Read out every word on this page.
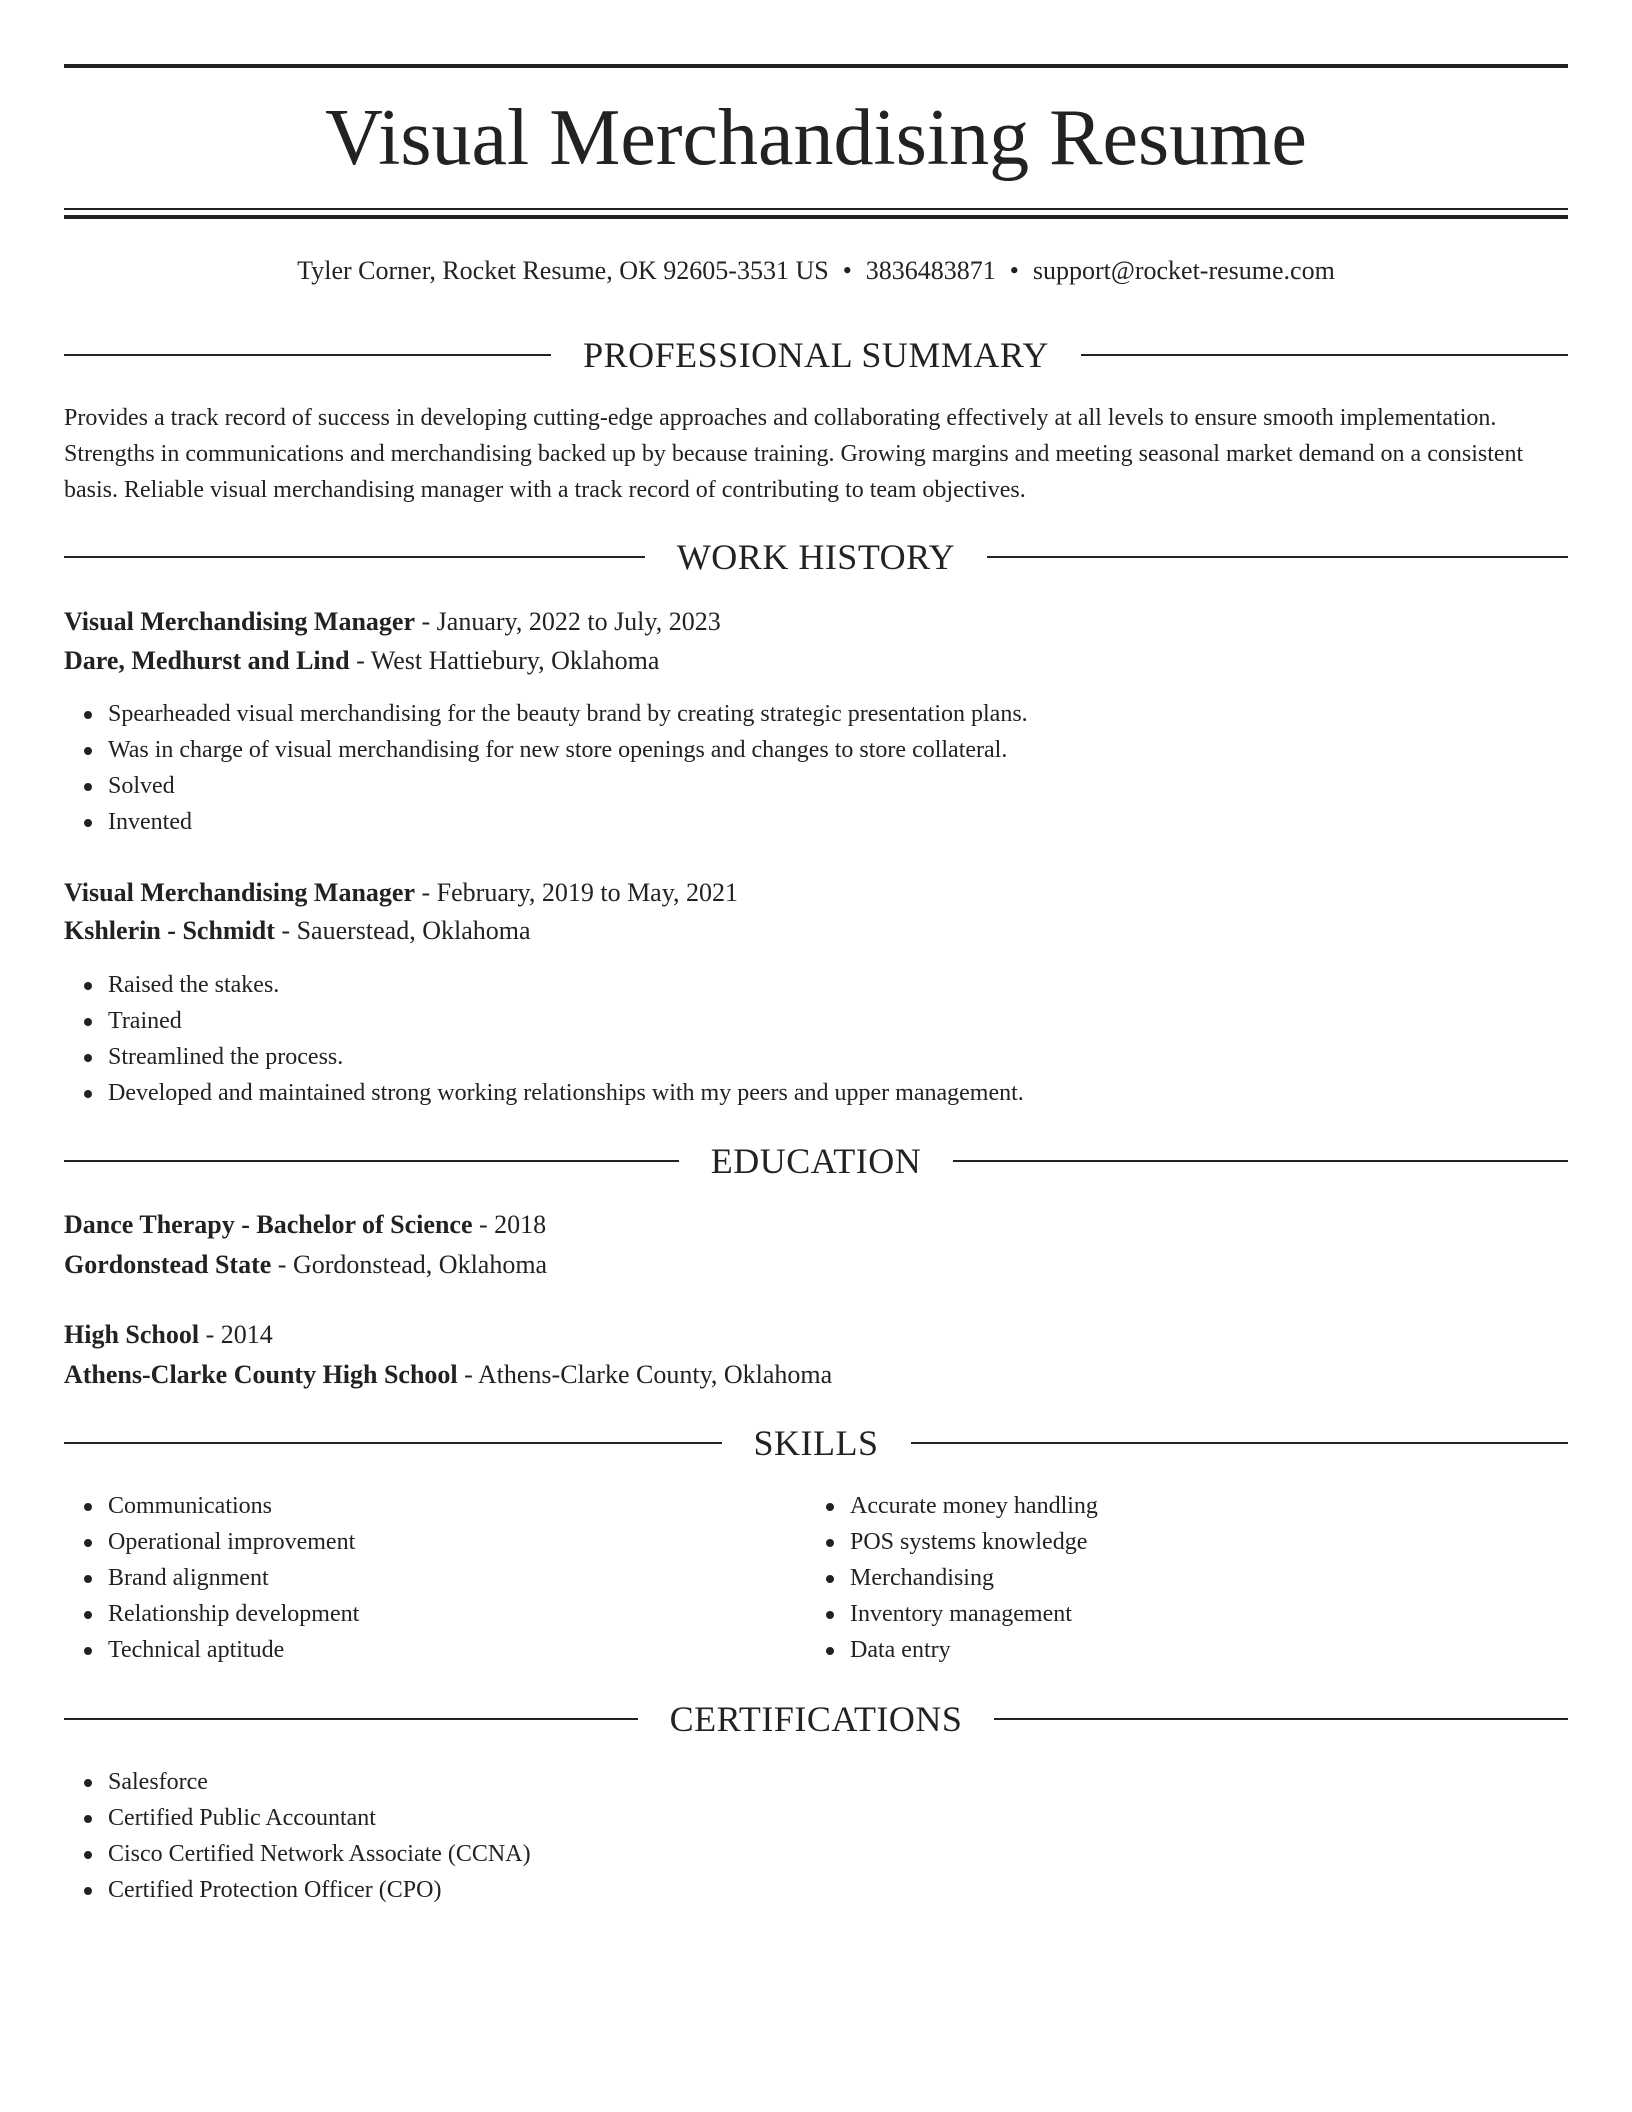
Visual Merchandising Resume
Tyler Corner, Rocket Resume, OK 92605-3531 US • 3836483871 • support@rocket-resume.com
PROFESSIONAL SUMMARY

Provides a track record of success in developing cutting-edge approaches and collaborating effectively at all levels to ensure smooth implementation. Strengths in communications and merchandising backed up by because training. Growing margins and meeting seasonal market demand on a consistent basis. Reliable visual merchandising manager with a track record of contributing to team objectives.

WORK HISTORY
Visual Merchandising Manager - January, 2022 to July, 2023
Dare, Medhurst and Lind - West Hattiebury, Oklahoma
Spearheaded visual merchandising for the beauty brand by creating strategic presentation plans.
Was in charge of visual merchandising for new store openings and changes to store collateral.
Solved
Invented
Visual Merchandising Manager - February, 2019 to May, 2021
Kshlerin - Schmidt - Sauerstead, Oklahoma
Raised the stakes.
Trained
Streamlined the process.
Developed and maintained strong working relationships with my peers and upper management.
EDUCATION
Dance Therapy - Bachelor of Science - 2018
Gordonstead State - Gordonstead, Oklahoma
High School - 2014
Athens-Clarke County High School - Athens-Clarke County, Oklahoma
SKILLS
Communications
Operational improvement
Brand alignment
Relationship development
Technical aptitude
Accurate money handling
POS systems knowledge
Merchandising
Inventory management
Data entry
CERTIFICATIONS
Salesforce
Certified Public Accountant
Cisco Certified Network Associate (CCNA)
Certified Protection Officer (CPO)
